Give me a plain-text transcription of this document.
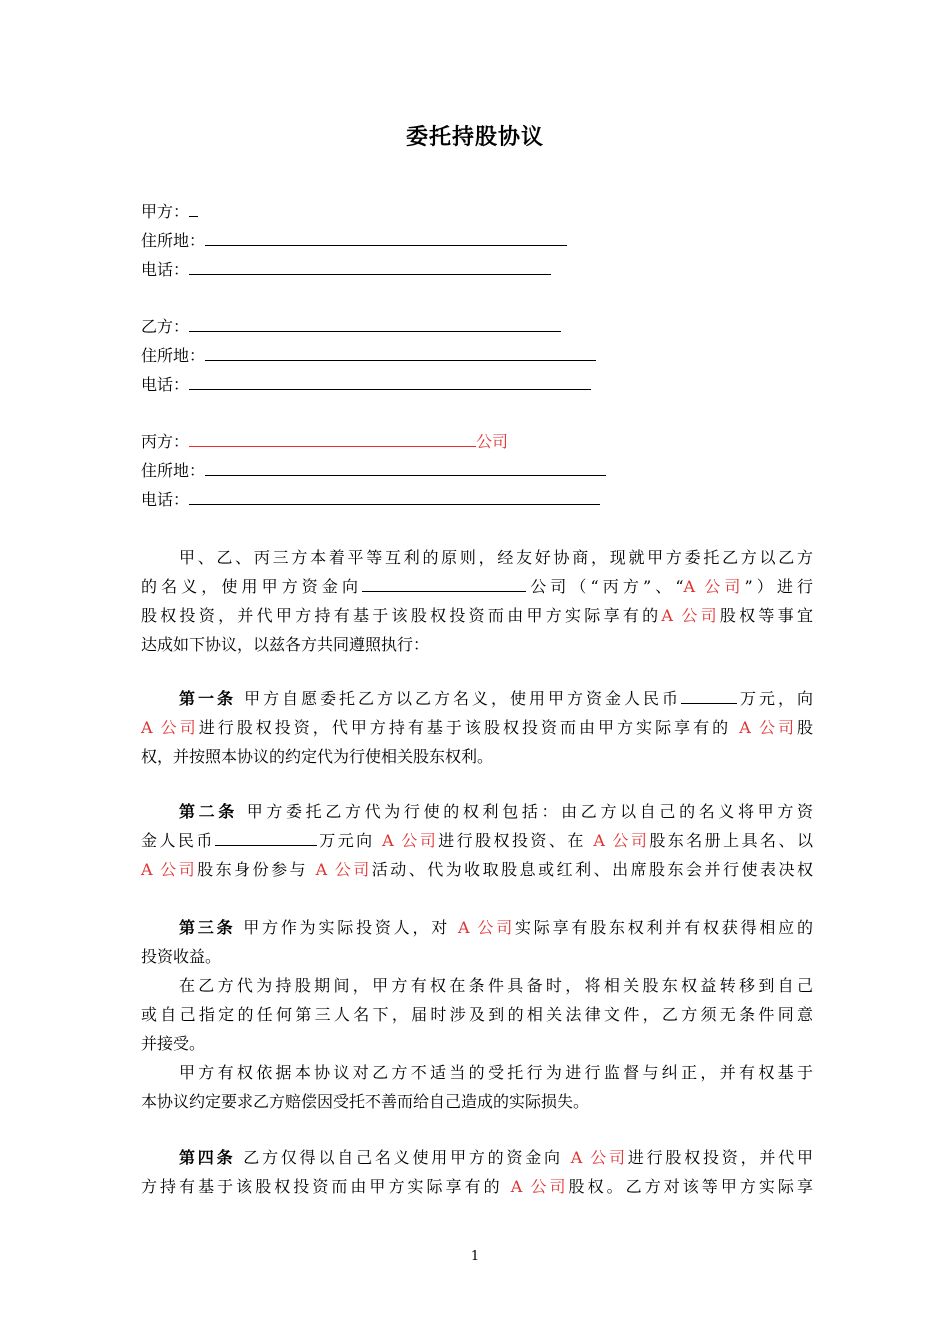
委托持股协议
甲方：
住所地：
电话：
乙方：
住所地：
电话：
丙方：	公司
住所地：
电话：
甲、乙、丙三方本着平等互利的原则，经友好协商，现就甲方委托乙方以乙方
的名义，使用甲方资金向	公司（“丙方”、“A 公司”）进行
股权投资，并代甲方持有基于该股权投资而由甲方实际享有的A 公司股权等事宜
达成如下协议，以兹各方共同遵照执行：
第一条 甲方自愿委托乙方以乙方名义，使用甲方资金人民币	万元，向
A 公司进行股权投资，代甲方持有基于该股权投资而由甲方实际享有的 A 公司股
权，并按照本协议的约定代为行使相关股东权利。
第二条 甲方委托乙方代为行使的权利包括：由乙方以自己的名义将甲方资
金人民币	万元向 A 公司进行股权投资、在 A 公司股东名册上具名、以
A 公司股东身份参与 A 公司活动、代为收取股息或红利、出席股东会并行使表决权
第三条 甲方作为实际投资人，对 A 公司实际享有股东权利并有权获得相应的
投资收益。
在乙方代为持股期间，甲方有权在条件具备时，将相关股东权益转移到自己
或自己指定的任何第三人名下，届时涉及到的相关法律文件，乙方须无条件同意
并接受。
甲方有权依据本协议对乙方不适当的受托行为进行监督与纠正，并有权基于
本协议约定要求乙方赔偿因受托不善而给自己造成的实际损失。
第四条 乙方仅得以自己名义使用甲方的资金向 A 公司进行股权投资，并代甲
方持有基于该股权投资而由甲方实际享有的 A 公司股权。乙方对该等甲方实际享
1
